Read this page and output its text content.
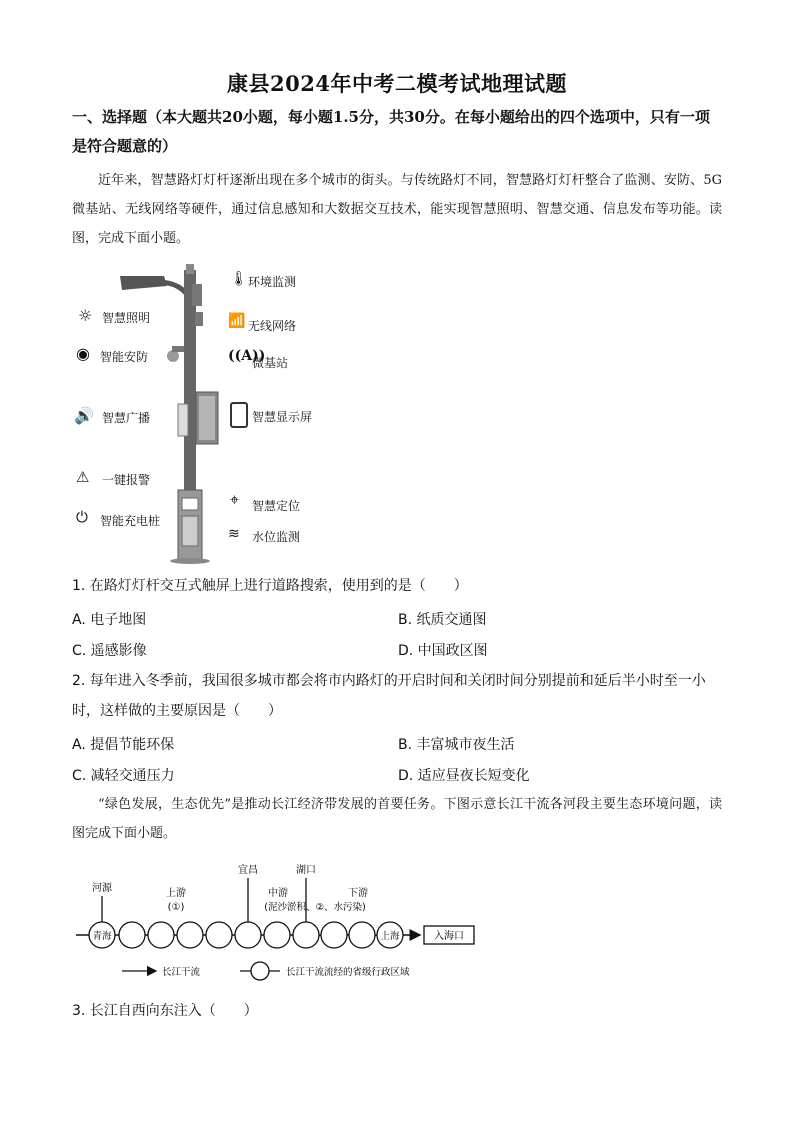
康县2024年中考二模考试地理试题
一、选择题（本大题共20小题，每小题1.5分，共30分。在每小题给出的四个选项中，只有一项是符合题意的）
近年来，智慧路灯灯杆逐渐出现在多个城市的街头。与传统路灯不同，智慧路灯灯杆整合了监测、安防、5G微基站、无线网络等硬件，通过信息感知和大数据交互技术，能实现智慧照明、智慧交通、信息发布等功能。读图，完成下面小题。
☼ 智慧照明
◉ 智能安防
🔊 智慧广播
⚠ 一键报警
⏻ 智能充电桩
🌡 环境监测
📶 无线网络
((A))
微基站
智慧显示屏
⌖ 智慧定位
≋ 水位监测
1. 在路灯灯杆交互式触屏上进行道路搜索，使用到的是（　　）
A. 电子地图	B. 纸质交通图
C. 遥感影像	D. 中国政区图
2. 每年进入冬季前，我国很多城市都会将市内路灯的开启时间和关闭时间分别提前和延后半小时至一小时，这样做的主要原因是（　　）
A. 提倡节能环保	B. 丰富城市夜生活
C. 减轻交通压力	D. 适应昼夜长短变化
“绿色发展，生态优先”是推动长江经济带发展的首要任务。下图示意长江干流各河段主要生态环境问题，读图完成下面小题。
河源	上游
(①)
宜昌	湖口
中游
(泥沙淤积、②、水污染)
下游
青海	上海	入海口
长江干流	长江干流流经的省级行政区域
3. 长江自西向东注入（　　）
